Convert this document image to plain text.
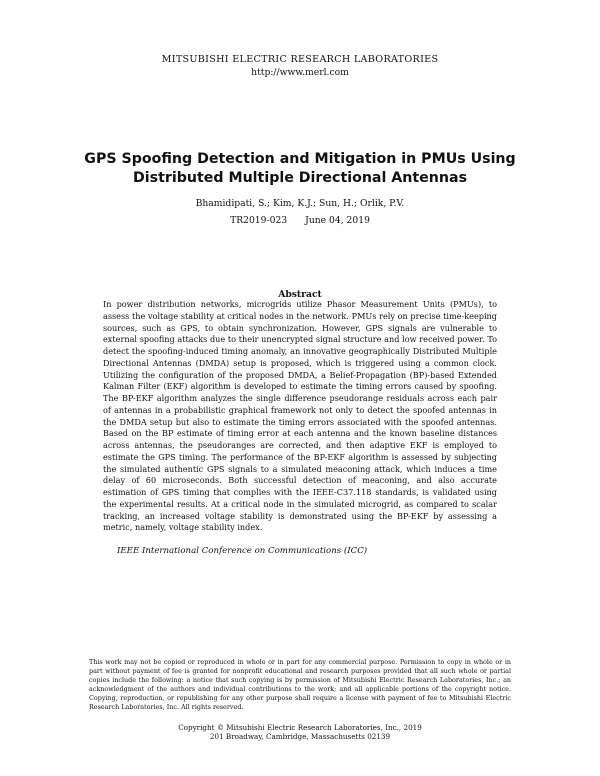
MITSUBISHI ELECTRIC RESEARCH LABORATORIES
http://www.merl.com
GPS Spoofing Detection and Mitigation in PMUs Using Distributed Multiple Directional Antennas
Bhamidipati, S.; Kim, K.J.; Sun, H.; Orlik, P.V.
TR2019-023 June 04, 2019
Abstract
In power distribution networks, microgrids utilize Phasor Measurement Units (PMUs), to assess the voltage stability at critical nodes in the network. PMUs rely on precise time-keeping sources, such as GPS, to obtain synchronization. However, GPS signals are vulnerable to external spoofing attacks due to their unencrypted signal structure and low received power. To detect the spoofing-induced timing anomaly, an innovative geographically Distributed Multiple Directional Antennas (DMDA) setup is proposed, which is triggered using a common clock. Utilizing the configuration of the proposed DMDA, a Belief-Propagation (BP)-based Extended Kalman Filter (EKF) algorithm is developed to estimate the timing errors caused by spoofing. The BP-EKF algorithm analyzes the single difference pseudorange residuals across each pair of antennas in a probabilistic graphical framework not only to detect the spoofed antennas in the DMDA setup but also to estimate the timing errors associated with the spoofed antennas. Based on the BP estimate of timing error at each antenna and the known baseline distances across antennas, the pseudoranges are corrected, and then adaptive EKF is employed to estimate the GPS timing. The performance of the BP-EKF algorithm is assessed by subjecting the simulated authentic GPS signals to a simulated meaconing attack, which induces a time delay of 60 microseconds. Both successful detection of meaconing, and also accurate estimation of GPS timing that complies with the IEEE-C37.118 standards, is validated using the experimental results. At a critical node in the simulated microgrid, as compared to scalar tracking, an increased voltage stability is demonstrated using the BP-EKF by assessing a metric, namely, voltage stability index.
IEEE International Conference on Communications (ICC)
This work may not be copied or reproduced in whole or in part for any commercial purpose. Permission to copy in whole or in part without payment of fee is granted for nonprofit educational and research purposes provided that all such whole or partial copies include the following: a notice that such copying is by permission of Mitsubishi Electric Research Laboratories, Inc.; an acknowledgment of the authors and individual contributions to the work; and all applicable portions of the copyright notice. Copying, reproduction, or republishing for any other purpose shall require a license with payment of fee to Mitsubishi Electric Research Laboratories, Inc. All rights reserved.
Copyright © Mitsubishi Electric Research Laboratories, Inc., 2019
201 Broadway, Cambridge, Massachusetts 02139
